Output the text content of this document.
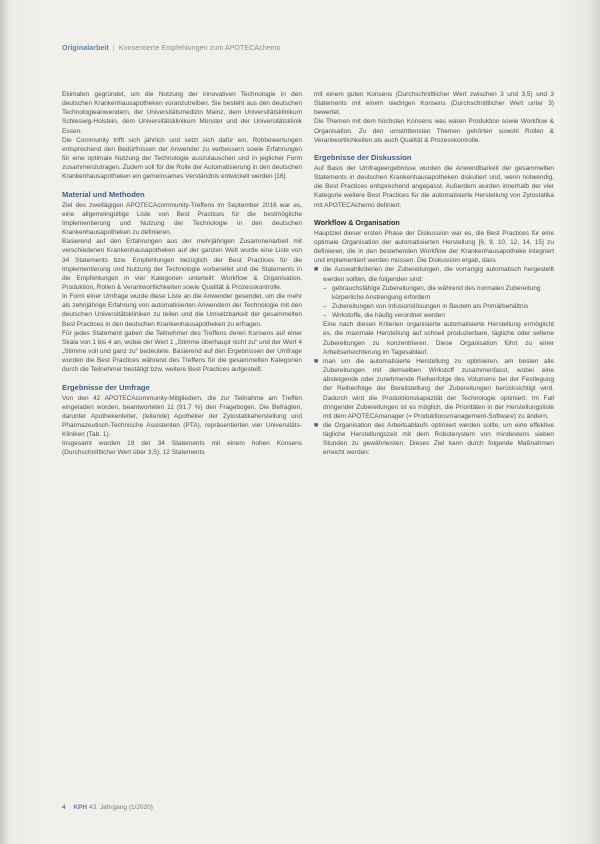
Originalarbeit | Konsentierte Empfehlungen zum APOTECAchemo

Ekimaten gegründet, um die Nutzung der innovativen Technologie in den deutschen Krankenhausapotheken voranzutreiben. Sie besteht aus den deutschen Technologieanwendern, der Universitätsmedizin Mainz, dem Universitätsklinikum Schleswig-Holstein, dem Universitätsklinikum Münster und der Universitätsklinik Essen.

Die Community trifft sich jährlich und setzt sich dafür ein, Rohbewertungen entsprechend den Bedürfnissen der Anwender zu verbessern sowie Erfahrungen für eine optimale Nutzung der Technologie auszutauschen und in jeglicher Form zusammenzutragen. Zudem soll für die Rolle der Automatisierung in den deutschen Krankenhausapotheken ein gemeinsames Verständnis entwickelt werden [16].

Material und Methoden

Ziel des zweitägigen APOTECAcommunity-Treffens im September 2016 war es, eine allgemeingültige Liste von Best Practices für die bestmögliche Implementierung und Nutzung der Technologie in den deutschen Krankenhausapotheken zu definieren.

Basierend auf den Erfahrungen aus der mehrjährigen Zusammenarbeit mit verschiedenen Krankenhausapotheken auf der ganzen Welt wurde eine Liste von 34 Statements bzw. Empfehlungen bezüglich der Best Practices für die Implementierung und Nutzung der Technologie vorbereitet und die Statements in die Empfehlungen in vier Kategorien unterteilt: Workflow & Organisation, Produktion, Rollen & Verantwortlichkeiten sowie Qualität & Prozesskontrolle.

In Form einer Umfrage wurde diese Liste an die Anwender gesendet, um die mehr als zehnjährige Erfahrung von automatisierten Anwendern der Technologie mit den deutschen Universitätskliniken zu teilen und die Umsetzbarkeit der gesammelten Best Practices in den deutschen Krankenhausapotheken zu erfragen.

Für jedes Statement gaben die Teilnehmer des Treffens deren Konsens auf einer Skala von 1 bis 4 an, wobei der Wert 1 „Stimme überhaupt nicht zu“ und der Wert 4 „Stimme voll und ganz zu“ bedeutete. Basierend auf den Ergebnissen der Umfrage wurden die Best Practices während des Treffens für die gesammelten Kategorien durch die Teilnehmer bestätigt bzw. weitere Best Practices aufgestellt.

Ergebnisse der Umfrage

Von den 42 APOTECAcommunity-Mitgliedern, die zur Teilnahme am Treffen eingeladen worden, beantworteten 11 (91,7 %) den Fragebogen. Die Befragten, darunter Apothekenleiter, (leitende) Apotheker der Zytostatikaherstellung und Pharmazeutisch-Technische Assistenten (PTA), repräsentierten vier Universitäts-Kliniken (Tab. 1).

Insgesamt wurden 19 der 34 Statements mit einem hohen Konsens (Durchschnittlicher Wert über 3,5), 12 Statements

mit einem guten Konsens (Durchschnittlicher Wert zwischen 3 und 3,5) und 3 Statements mit einem niedrigen Konsens (Durchschnittlicher Wert unter 3) bewertet.

Die Themen mit dem höchsten Konsens was waren Produktion sowie Workflow & Organisation. Zu den umstrittensten Themen gehörten sowohl Rollen & Verantwortlichkeiten als auch Qualität & Prozesskontrolle.

Ergebnisse der Diskussion

Auf Basis der Umfrageergebnisse wurden die Anwendbarkeit der gesammelten Statements in deutschen Krankenhausapotheken diskutiert und, wenn notwendig, die Best Practices entsprechend angepasst. Außerdem wurden innerhalb der vier Kategorie weitere Best Practices für die automatisierte Herstellung von Zytostatika mit APOTECAchemo definiert.

Workflow & Organisation

Hauptziel dieser ersten Phase der Diskussion war es, die Best Practices für eine optimale Organisation der automatisierten Herstellung [6, 9, 10, 12, 14, 15] zu definieren, die in den bestehenden Workflow der Krankenhausapotheke integriert und implementiert werden müssen. Die Diskussion ergab, dass

■ die Auswahlkriterien der Zubereitungen, die vorrangig automatisch hergestellt werden sollten, die folgenden sind:
– gebrauchsfähige Zubereitungen, die während des normalen Zubereitung körperliche Anstrengung erfordern
– Zubereitungen von Infusionslösungen in Beuteln als Primärbehältnis
– Wirkstoffe, die häufig verordnet werden

Eine nach diesen Kriterien organisierte automatisierte Herstellung ermöglicht es, die maximale Herstellung auf schnell produzierbare, tägliche oder seltene Zubereitungen zu konzentrieren. Diese Organisation führt zu einer Arbeitserleichterung im Tagesablauf.

■ man um die automatisierte Herstellung zu optimieren, am besten alle Zubereitungen mit demselben Wirkstoff zusammenfasst, wobei eine absteigende oder zunehmende Reihenfolge des Volumens bei der Festlegung der Reihenfolge der Bereitstellung der Zubereitungen berücksichtigt wird. Dadurch wird die Produktionskapazität der Technologie optimiert. Im Fall dringender Zubereitungen ist es möglich, die Prioritäten in der Herstellungsliste mit dem APOTECAmanager (= Produktionsmanagement-Software) zu ändern.
■ die Organisation des Arbeitsablaufs optimiert werden sollte, um eine effektive tägliche Herstellungszeit mit dem Roboterystem von mindestens sieben Stunden zu gewährleisten. Dieses Ziel kann durch folgende Maßnahmen erreicht werden:
4 KPH 43. Jahrgang (1/2020)
